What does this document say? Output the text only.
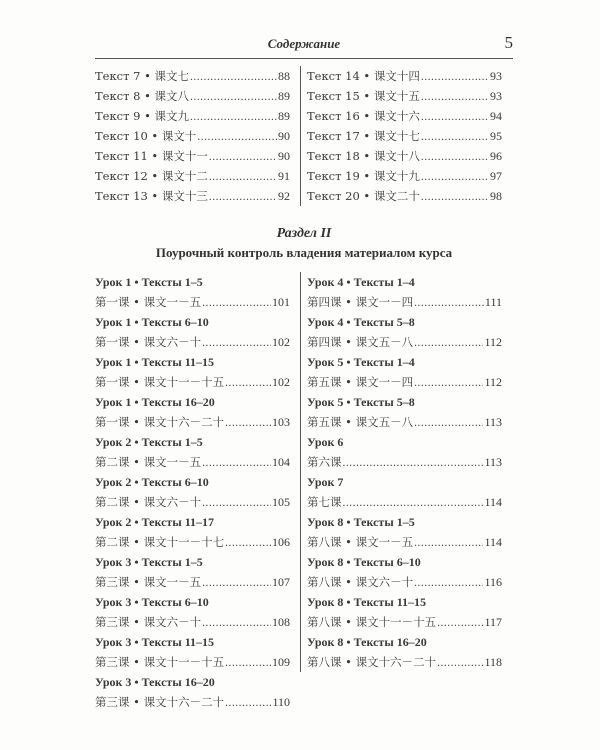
Содержание	5
Текст 7 • 课文七 .....	88
Текст 8 • 课文八 .....	89
Текст 9 • 课文九 .....	89
Текст 10 • 课文十 .....	90
Текст 11 • 课文十一 .....	90
Текст 12 • 课文十二 .....	91
Текст 13 • 课文十三 .....	92
Текст 14 • 课文十四 .....	93
Текст 15 • 课文十五 .....	93
Текст 16 • 课文十六 .....	94
Текст 17 • 课文十七 .....	95
Текст 18 • 课文十八 .....	96
Текст 19 • 课文十九 .....	97
Текст 20 • 课文二十 .....	98
Раздел II
Поурочный контроль владения материалом курса
Урок 1 • Тексты 1–5
第一课 • 课文一－五 .....	101
Урок 1 • Тексты 6–10
第一课 • 课文六－十 .....	102
Урок 1 • Тексты 11–15
第一课 • 课文十一－十五 .....	102
Урок 1 • Тексты 16–20
第一课 • 课文十六－二十 .....	103
Урок 2 • Тексты 1–5
第二课 • 课文一－五 .....	104
Урок 2 • Тексты 6–10
第二课 • 课文六－十 .....	105
Урок 2 • Тексты 11–17
第二课 • 课文十一－十七 .....	106
Урок 3 • Тексты 1–5
第三课 • 课文一－五 .....	107
Урок 3 • Тексты 6–10
第三课 • 课文六－十 .....	108
Урок 3 • Тексты 11–15
第三课 • 课文十一－十五 .....	109
Урок 3 • Тексты 16–20
第三课 • 课文十六－二十 .....	110
Урок 4 • Тексты 1–4
第四课 • 课文一－四 .....	111
Урок 4 • Тексты 5–8
第四课 • 课文五－八 .....	112
Урок 5 • Тексты 1–4
第五课 • 课文一－四 .....	112
Урок 5 • Тексты 5–8
第五课 • 课文五－八 .....	113
Урок 6
第六课 .....	113
Урок 7
第七课 .....	114
Урок 8 • Тексты 1–5
第八课 • 课文一－五 .....	114
Урок 8 • Тексты 6–10
第八课 • 课文六－十 .....	116
Урок 8 • Тексты 11–15
第八课 • 课文十一－十五 .....	117
Урок 8 • Тексты 16–20
第八课 • 课文十六－二十 .....	118
